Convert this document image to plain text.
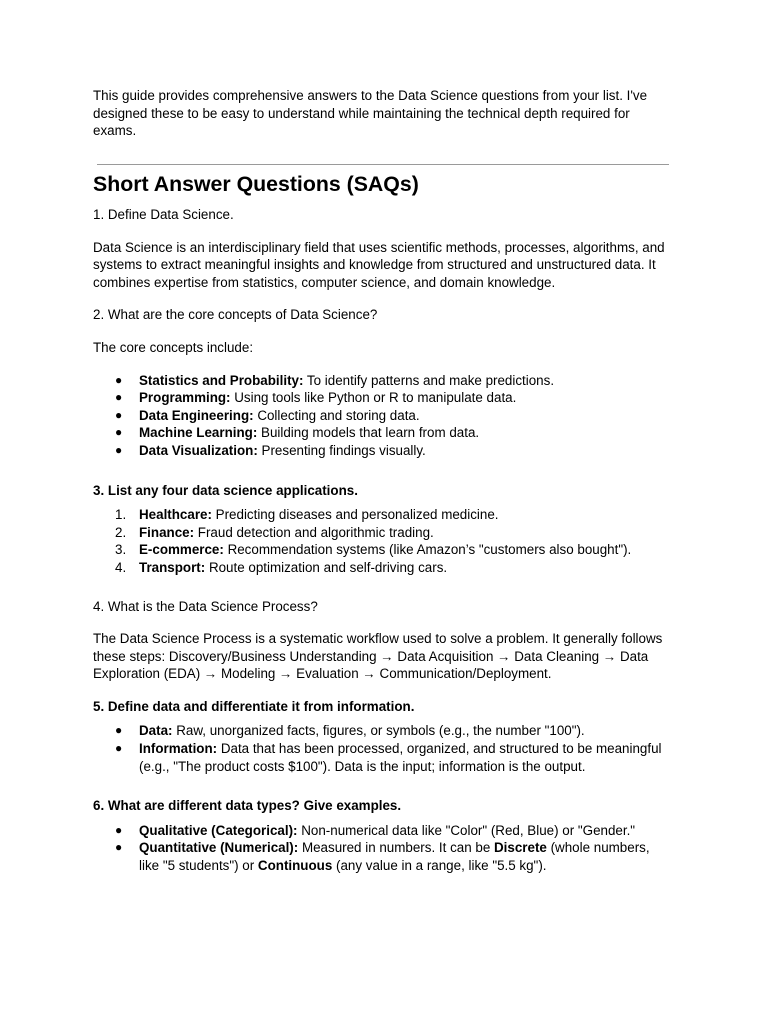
This guide provides comprehensive answers to the Data Science questions from your list. I've designed these to be easy to understand while maintaining the technical depth required for exams.

Short Answer Questions (SAQs)

1. Define Data Science.

Data Science is an interdisciplinary field that uses scientific methods, processes, algorithms, and systems to extract meaningful insights and knowledge from structured and unstructured data. It combines expertise from statistics, computer science, and domain knowledge.

2. What are the core concepts of Data Science?

The core concepts include:

● Statistics and Probability: To identify patterns and make predictions.
● Programming: Using tools like Python or R to manipulate data.
● Data Engineering: Collecting and storing data.
● Machine Learning: Building models that learn from data.
● Data Visualization: Presenting findings visually.

3. List any four data science applications.

1. Healthcare: Predicting diseases and personalized medicine.
2. Finance: Fraud detection and algorithmic trading.
3. E-commerce: Recommendation systems (like Amazon’s "customers also bought").
4. Transport: Route optimization and self-driving cars.

4. What is the Data Science Process?

The Data Science Process is a systematic workflow used to solve a problem. It generally follows these steps: Discovery/Business Understanding → Data Acquisition → Data Cleaning → Data Exploration (EDA) → Modeling → Evaluation → Communication/Deployment.

5. Define data and differentiate it from information.

● Data: Raw, unorganized facts, figures, or symbols (e.g., the number "100").
● Information: Data that has been processed, organized, and structured to be meaningful (e.g., "The product costs $100"). Data is the input; information is the output.

6. What are different data types? Give examples.

● Qualitative (Categorical): Non-numerical data like "Color" (Red, Blue) or "Gender."
● Quantitative (Numerical): Measured in numbers. It can be Discrete (whole numbers, like "5 students") or Continuous (any value in a range, like "5.5 kg").
